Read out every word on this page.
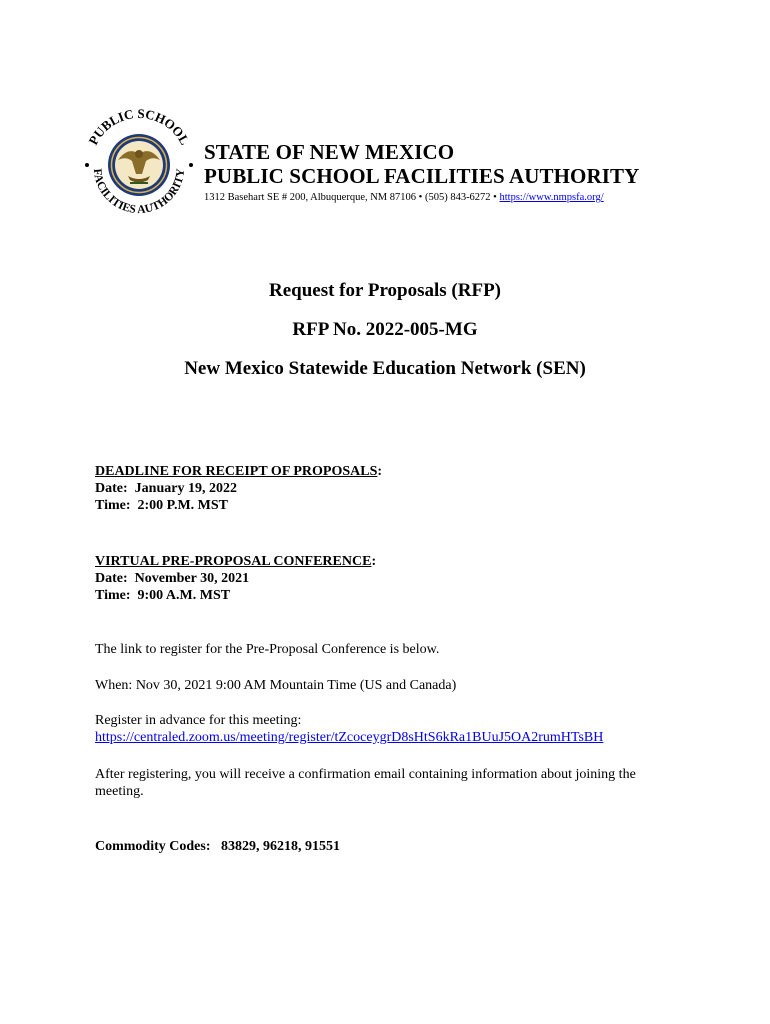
PUBLIC SCHOOL
FACILITIES AUTHORITY
STATE OF NEW MEXICO
PUBLIC SCHOOL FACILITIES AUTHORITY
1312 Basehart SE # 200, Albuquerque, NM 87106 • (505) 843-6272 • https://www.nmpsfa.org/
Request for Proposals (RFP)
RFP No. 2022-005-MG
New Mexico Statewide Education Network (SEN)
DEADLINE FOR RECEIPT OF PROPOSALS:
Date: January 19, 2022
Time: 2:00 P.M. MST
VIRTUAL PRE-PROPOSAL CONFERENCE:
Date: November 30, 2021
Time: 9:00 A.M. MST
The link to register for the Pre-Proposal Conference is below.
When: Nov 30, 2021 9:00 AM Mountain Time (US and Canada)
Register in advance for this meeting:
https://centraled.zoom.us/meeting/register/tZcoceygrD8sHtS6kRa1BUuJ5OA2rumHTsBH
After registering, you will receive a confirmation email containing information about joining the meeting.
Commodity Codes: 83829, 96218, 91551
